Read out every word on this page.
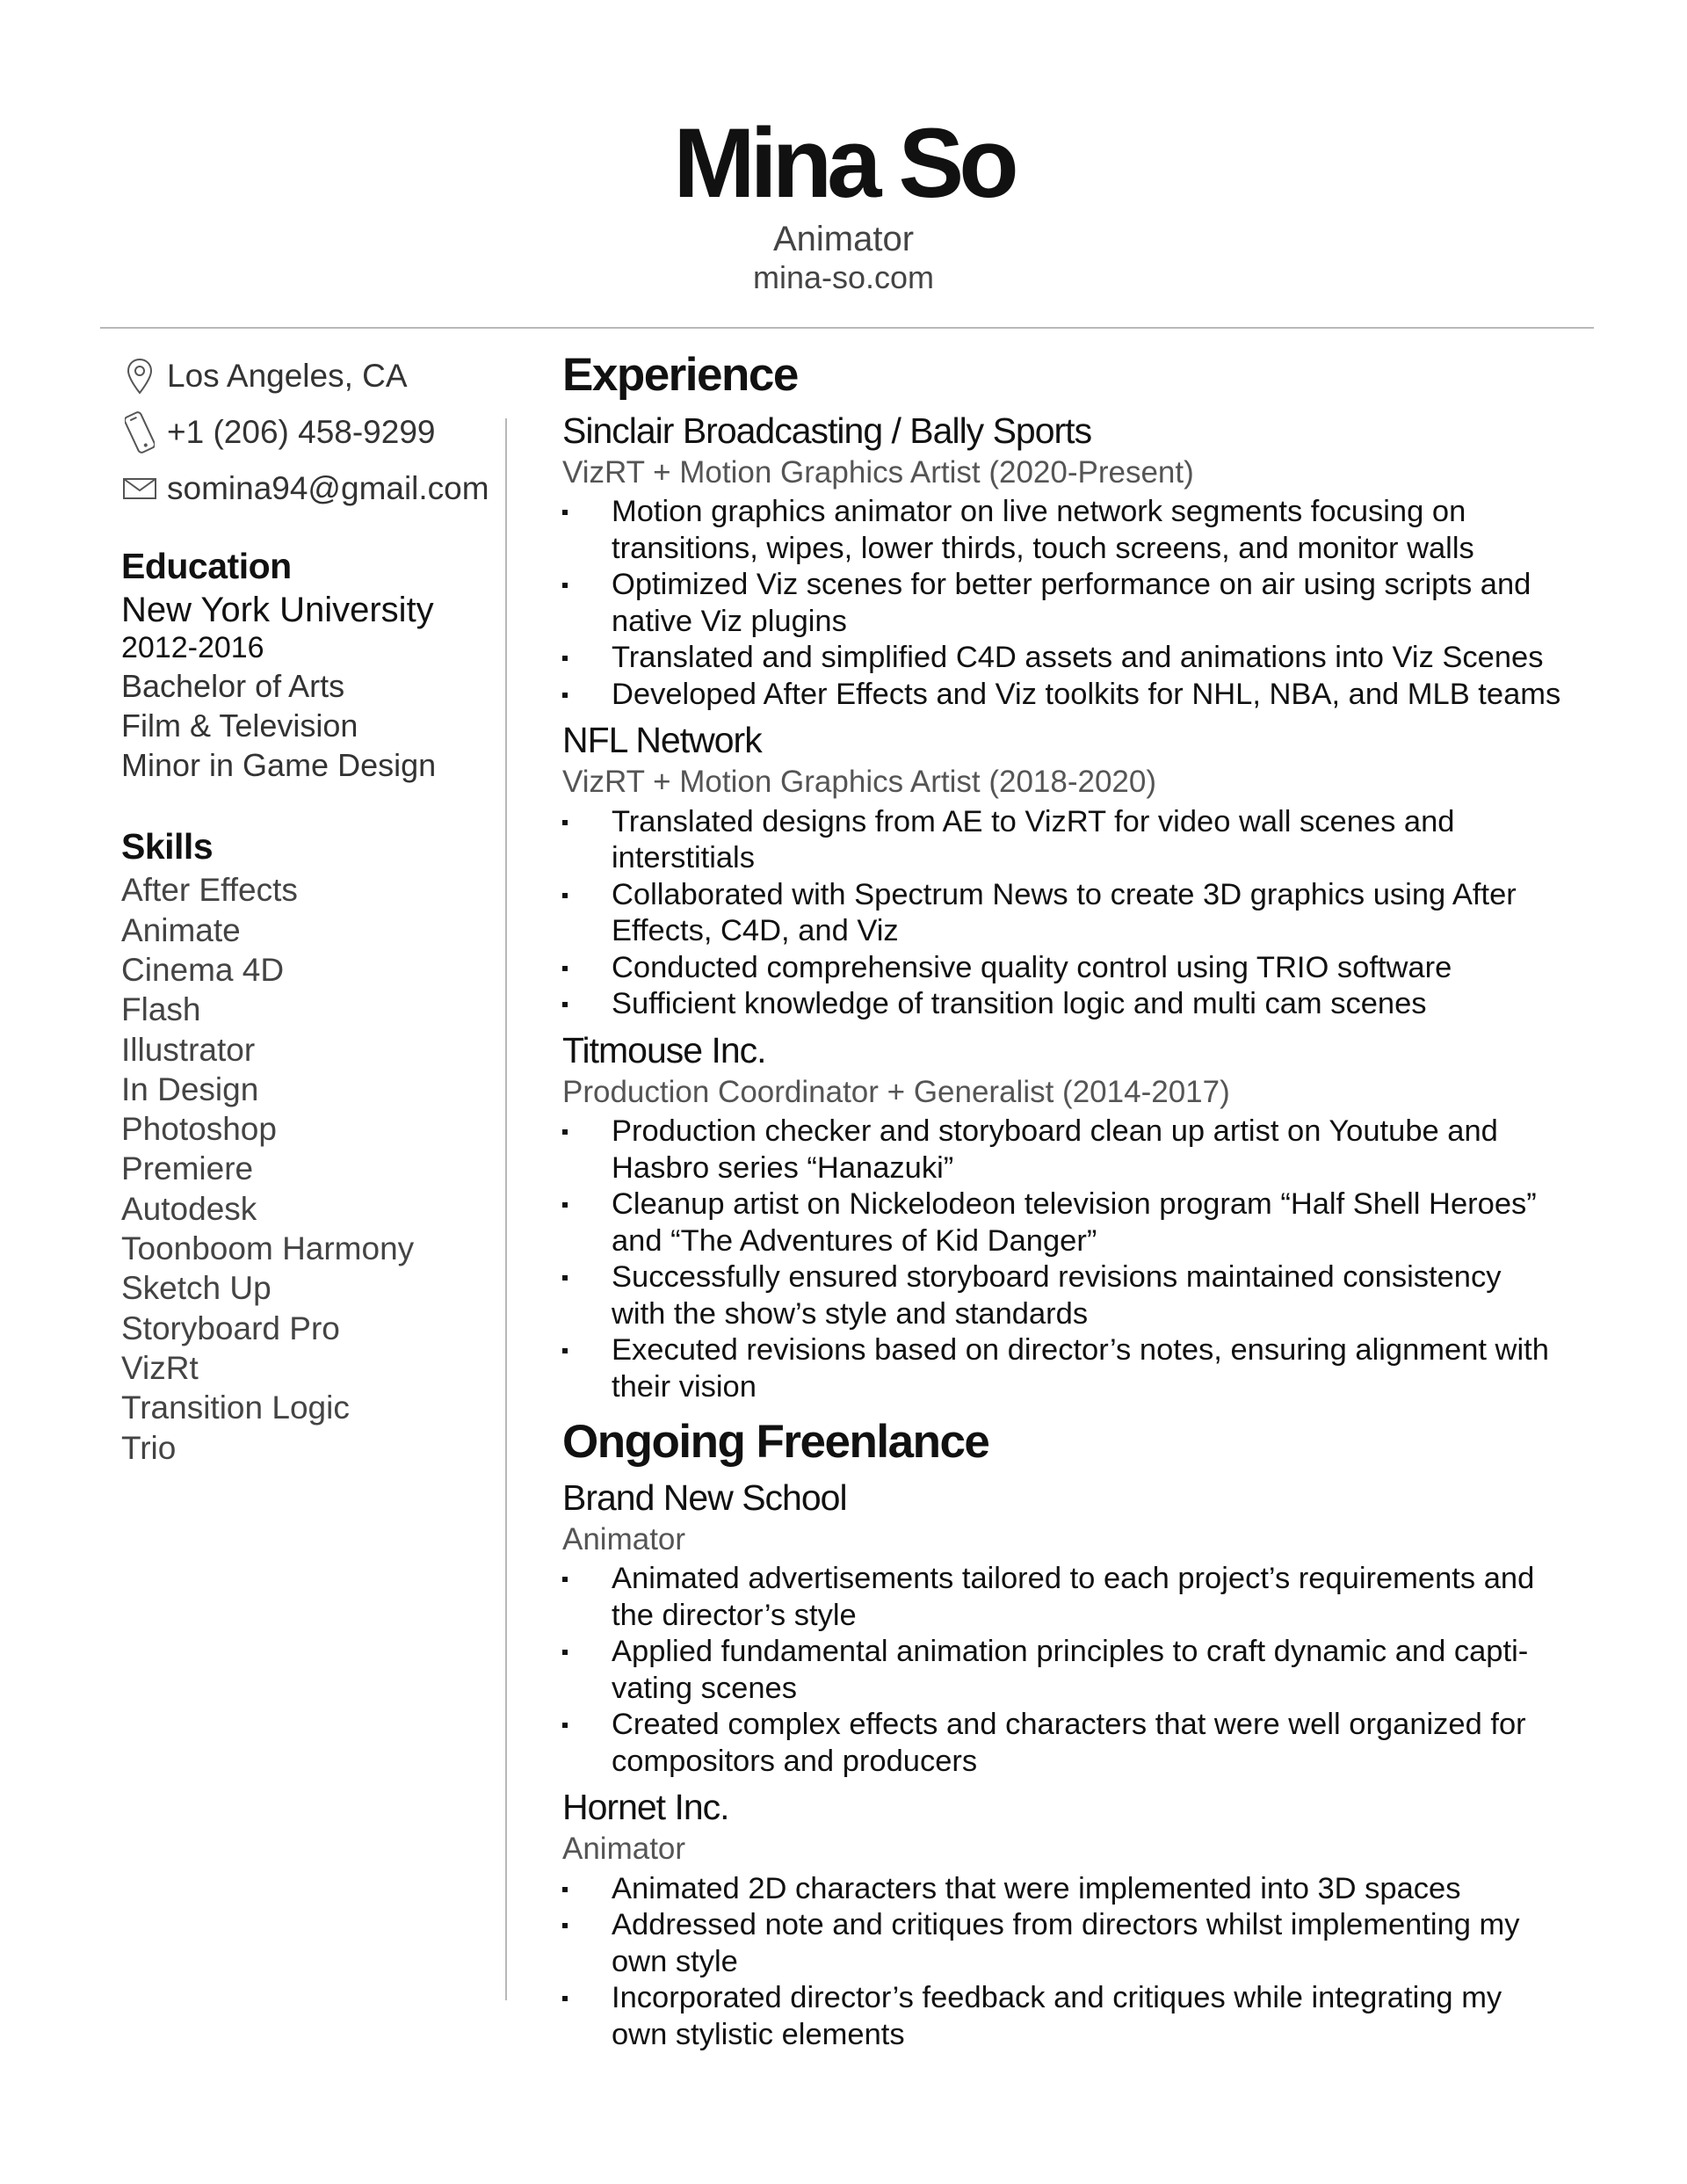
Mina So
Animator
mina-so.com
Los Angeles, CA
+1 (206) 458-9299
somina94@gmail.com
Education
New York University
2012-2016
Bachelor of Arts
Film & Television
Minor in Game Design
Skills
After Effects
Animate
Cinema 4D
Flash
Illustrator
In Design
Photoshop
Premiere
Autodesk
Toonboom Harmony
Sketch Up
Storyboard Pro
VizRt
Transition Logic
Trio
Experience
Sinclair Broadcasting / Bally Sports
VizRT + Motion Graphics Artist (2020-Present)
Motion graphics animator on live network segments focusing on
transitions, wipes, lower thirds, touch screens, and monitor walls
Optimized Viz scenes for better performance on air using scripts and
native Viz plugins
Translated and simplified C4D assets and animations into Viz Scenes
Developed After Effects and Viz toolkits for NHL, NBA, and MLB teams
NFL Network
VizRT + Motion Graphics Artist (2018-2020)
Translated designs from AE to VizRT for video wall scenes and
interstitials
Collaborated with Spectrum News to create 3D graphics using After
Effects, C4D, and Viz
Conducted comprehensive quality control using TRIO software
Sufficient knowledge of transition logic and multi cam scenes
Titmouse Inc.
Production Coordinator + Generalist (2014-2017)
Production checker and storyboard clean up artist on Youtube and
Hasbro series “Hanazuki”
Cleanup artist on Nickelodeon television program “Half Shell Heroes”
and “The Adventures of Kid Danger”
Successfully ensured storyboard revisions maintained consistency
with the show’s style and standards
Executed revisions based on director’s notes, ensuring alignment with
their vision
Ongoing Freenlance
Brand New School
Animator
Animated advertisements tailored to each project’s requirements and
the director’s style
Applied fundamental animation principles to craft dynamic and capti-
vating scenes
Created complex effects and characters that were well organized for
compositors and producers
Hornet Inc.
Animator
Animated 2D characters that were implemented into 3D spaces
Addressed note and critiques from directors whilst implementing my
own style
Incorporated director’s feedback and critiques while integrating my
own stylistic elements
